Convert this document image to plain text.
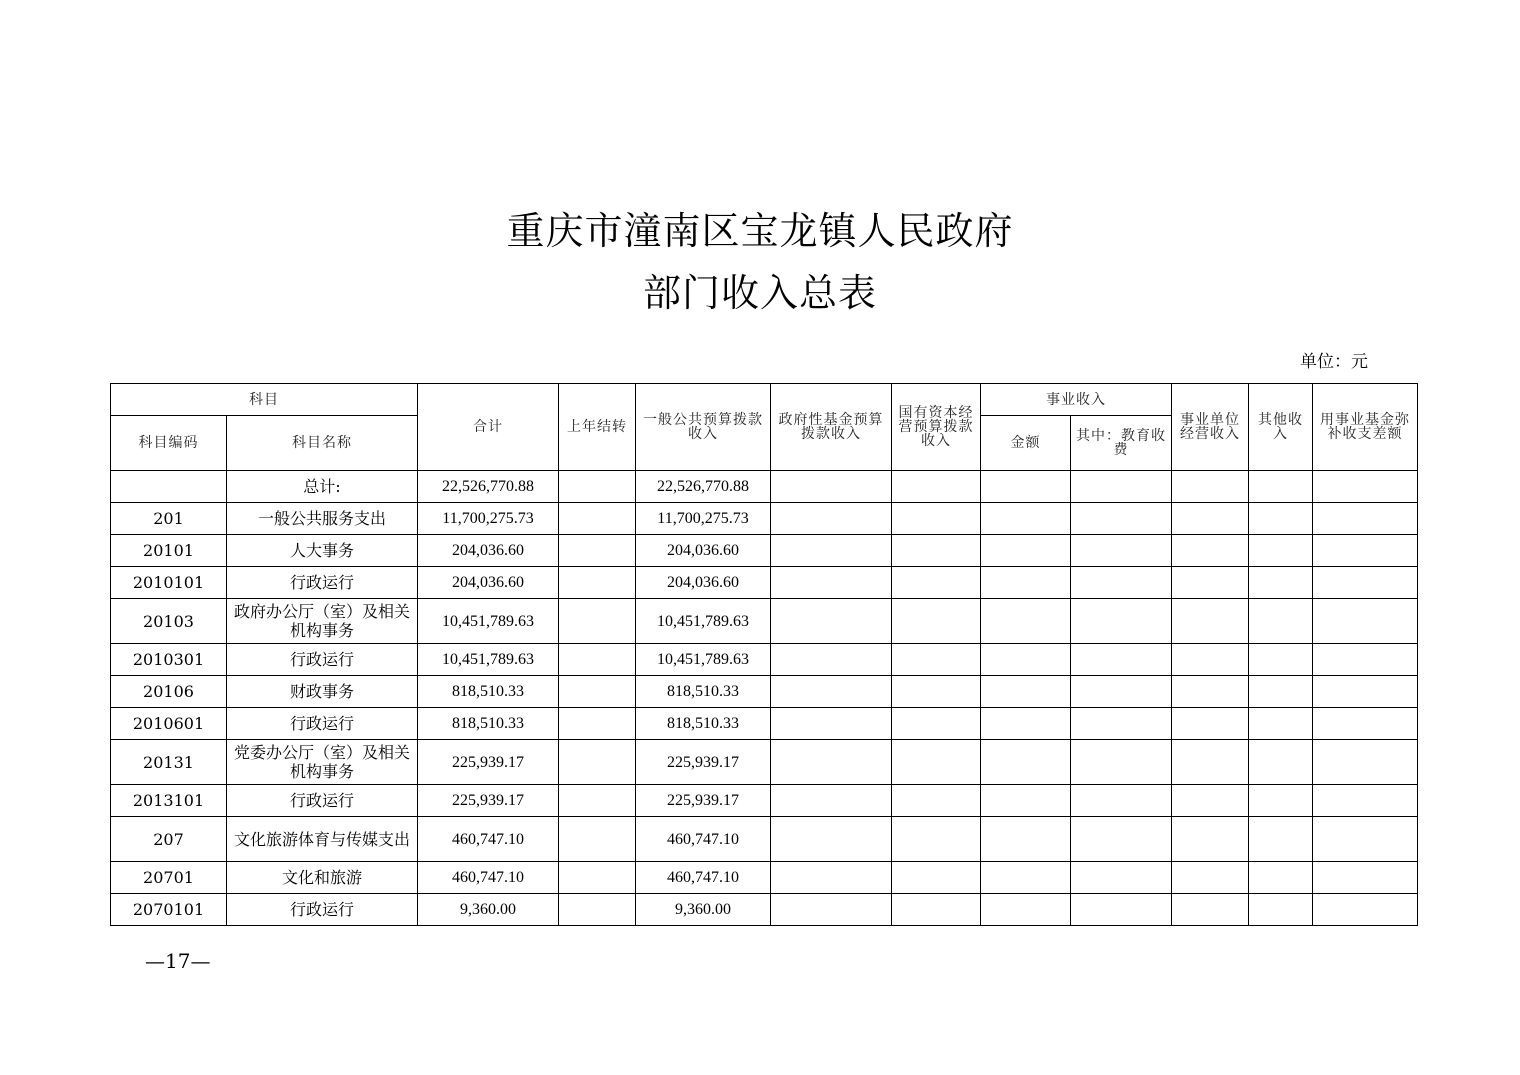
重庆市潼南区宝龙镇人民政府
部门收入总表
单位：元
科目		合计	上年结转	一般公共预算拨款收入	政府性基金预算拨款收入	国有资本经营预算拨款收入	事业收入		事业单位经营收入	其他收入	用事业基金弥补收支差额
科目编码	科目名称						金额	其中：教育收费			
	总计:	22,526,770.88		22,526,770.88							
201	一般公共服务支出	11,700,275.73		11,700,275.73							
20101	人大事务	204,036.60		204,036.60							
2010101	行政运行	204,036.60		204,036.60							
20103	政府办公厅（室）及相关机构事务	10,451,789.63		10,451,789.63							
2010301	行政运行	10,451,789.63		10,451,789.63							
20106	财政事务	818,510.33		818,510.33							
2010601	行政运行	818,510.33		818,510.33							
20131	党委办公厅（室）及相关机构事务	225,939.17		225,939.17							
2013101	行政运行	225,939.17		225,939.17							
207	文化旅游体育与传媒支出	460,747.10		460,747.10							
20701	文化和旅游	460,747.10		460,747.10							
2070101	行政运行	9,360.00		9,360.00							
—17—
